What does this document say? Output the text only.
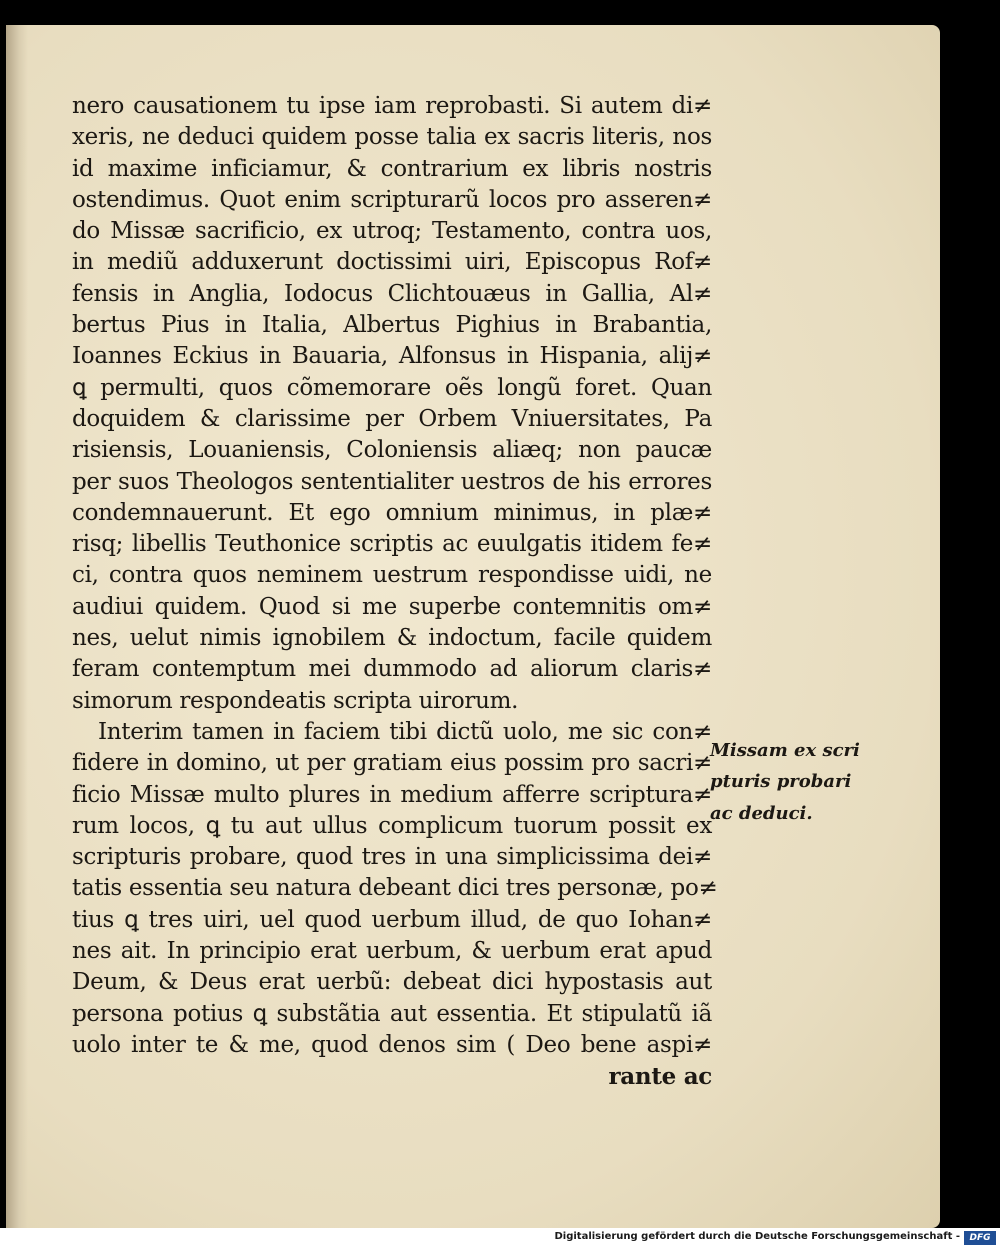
nero causationem tu ipse iam reprobasti. Si autem di≠
xeris, ne deduci quidem posse talia ex sacris literis, nos
id maxime inficiamur, & contrarium ex libris nostris
ostendimus. Quot enim scripturarũ locos pro asseren≠
do Missæ sacrificio, ex utroq; Testamento, contra uos,
in mediũ adduxerunt doctissimi uiri, Episcopus Rof≠
fensis in Anglia, Iodocus Clichtouæus in Gallia, Al≠
bertus Pius in Italia, Albertus Pighius in Brabantia,
Ioannes Eckius in Bauaria, Alfonsus in Hispania, alij≠
ꝗ permulti, quos cõmemorare oẽs longũ foret. Quan
doquidem & clarissime per Orbem Vniuersitates, Pa
risiensis, Louaniensis, Coloniensis aliæq; non paucæ
per suos Theologos sententialiter uestros de his errores
condemnauerunt. Et ego omnium minimus, in plæ≠
risq; libellis Teuthonice scriptis ac euulgatis itidem fe≠
ci, contra quos neminem uestrum respondisse uidi, ne
audiui quidem. Quod si me superbe contemnitis om≠
nes, uelut nimis ignobilem & indoctum, facile quidem
feram contemptum mei dummodo ad aliorum claris≠
simorum respondeatis scripta uirorum.
Interim tamen in faciem tibi dictũ uolo, me sic con≠
fidere in domino, ut per gratiam eius possim pro sacri≠
ficio Missæ multo plures in medium afferre scriptura≠
rum locos, ꝗ tu aut ullus complicum tuorum possit ex
scripturis probare, quod tres in una simplicissima dei≠
tatis essentia seu natura debeant dici tres personæ, po≠
tius ꝗ tres uiri, uel quod uerbum illud, de quo Iohan≠
nes ait. In principio erat uerbum, & uerbum erat apud
Deum, & Deus erat uerbũ: debeat dici hypostasis aut
persona potius ꝗ substãtia aut essentia. Et stipulatũ iã
uolo inter te & me, quod denos sim ( Deo bene aspi≠
rante ac
Missam ex scri
pturis probari
ac deduci.
Digitalisierung gefördert durch die Deutsche Forschungsgemeinschaft -	DFG
